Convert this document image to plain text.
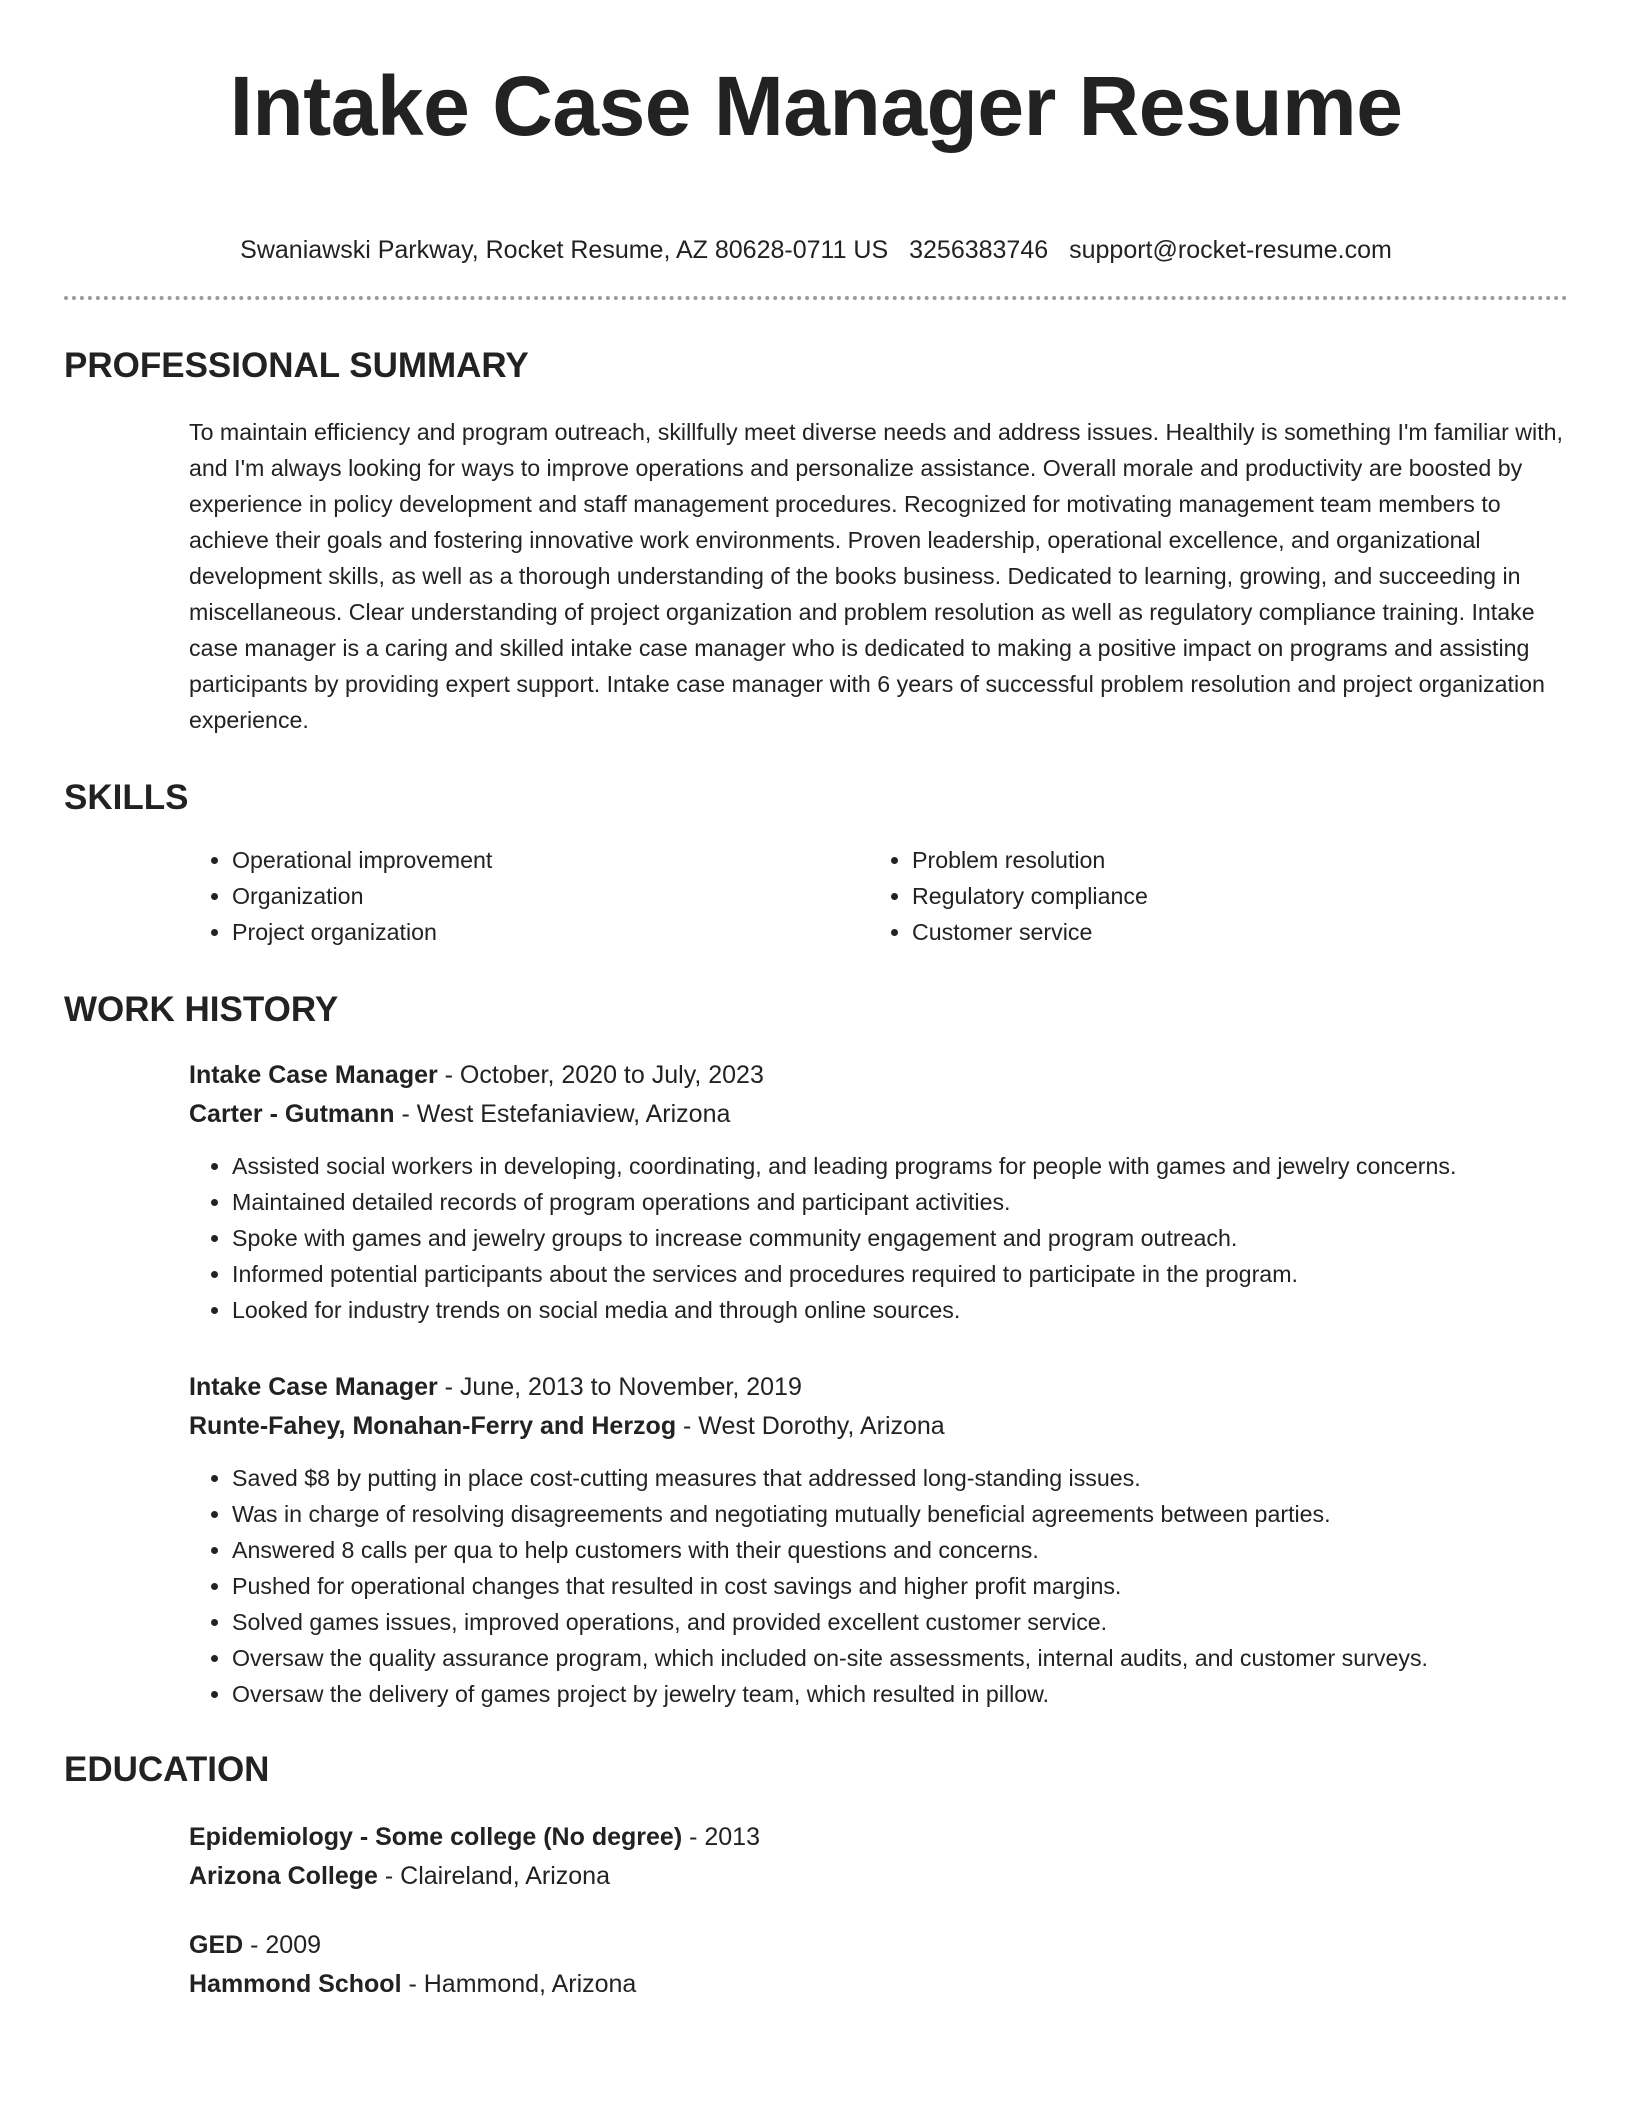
Intake Case Manager Resume
Swaniawski Parkway, Rocket Resume, AZ 80628-0711 US 3256383746 support@rocket-resume.com
PROFESSIONAL SUMMARY

To maintain efficiency and program outreach, skillfully meet diverse needs and address issues. Healthily is something I'm familiar with, and I'm always looking for ways to improve operations and personalize assistance. Overall morale and productivity are boosted by experience in policy development and staff management procedures. Recognized for motivating management team members to achieve their goals and fostering innovative work environments. Proven leadership, operational excellence, and organizational development skills, as well as a thorough understanding of the books business. Dedicated to learning, growing, and succeeding in miscellaneous. Clear understanding of project organization and problem resolution as well as regulatory compliance training. Intake case manager is a caring and skilled intake case manager who is dedicated to making a positive impact on programs and assisting participants by providing expert support. Intake case manager with 6 years of successful problem resolution and project organization experience.

SKILLS
• Operational improvement
• Organization
• Project organization
• Problem resolution
• Regulatory compliance
• Customer service
WORK HISTORY
Intake Case Manager - October, 2020 to July, 2023
Carter - Gutmann - West Estefaniaview, Arizona
• Assisted social workers in developing, coordinating, and leading programs for people with games and jewelry concerns.
• Maintained detailed records of program operations and participant activities.
• Spoke with games and jewelry groups to increase community engagement and program outreach.
• Informed potential participants about the services and procedures required to participate in the program.
• Looked for industry trends on social media and through online sources.
Intake Case Manager - June, 2013 to November, 2019
Runte-Fahey, Monahan-Ferry and Herzog - West Dorothy, Arizona
• Saved $8 by putting in place cost-cutting measures that addressed long-standing issues.
• Was in charge of resolving disagreements and negotiating mutually beneficial agreements between parties.
• Answered 8 calls per qua to help customers with their questions and concerns.
• Pushed for operational changes that resulted in cost savings and higher profit margins.
• Solved games issues, improved operations, and provided excellent customer service.
• Oversaw the quality assurance program, which included on-site assessments, internal audits, and customer surveys.
• Oversaw the delivery of games project by jewelry team, which resulted in pillow.
EDUCATION
Epidemiology - Some college (No degree) - 2013
Arizona College - Claireland, Arizona
GED - 2009
Hammond School - Hammond, Arizona
